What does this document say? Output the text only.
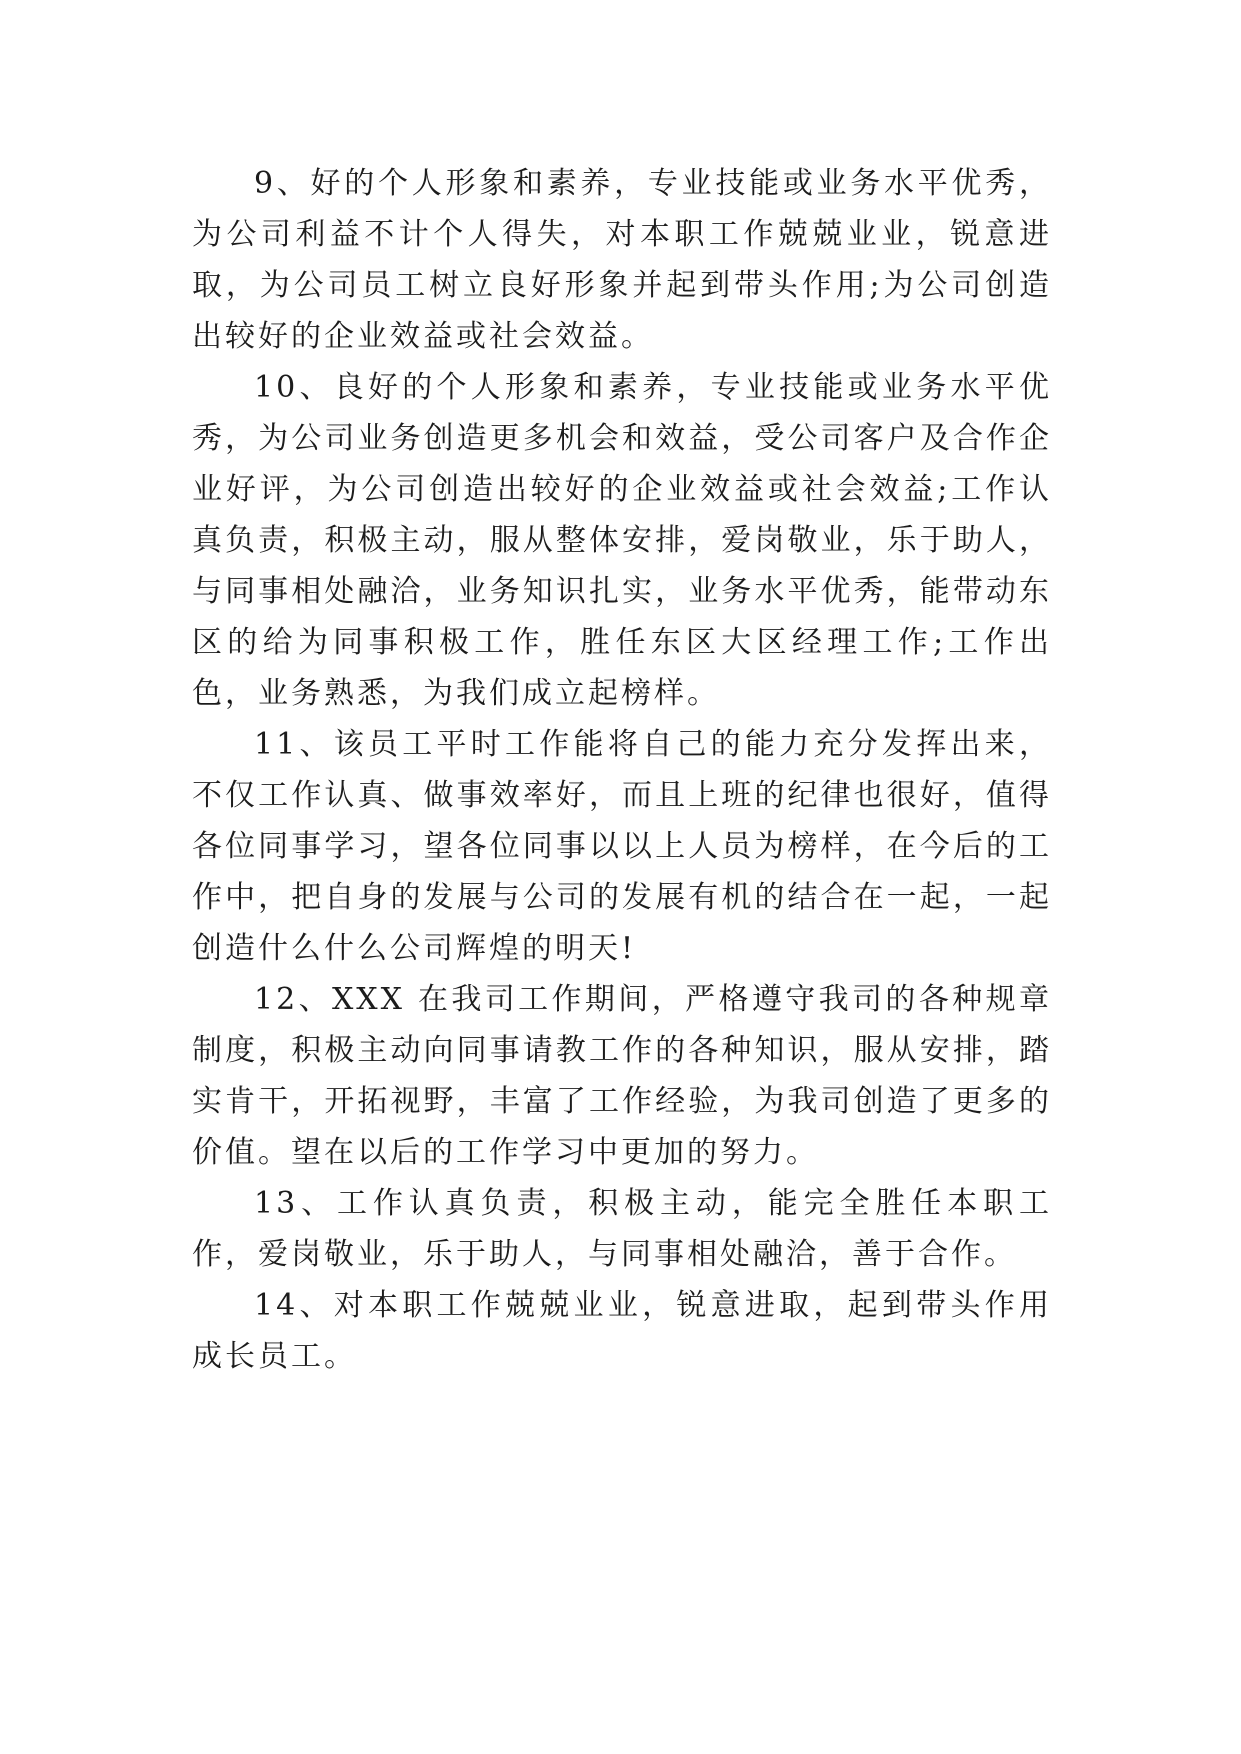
9、好的个人形象和素养，专业技能或业务水平优秀，为公司利益不计个人得失，对本职工作兢兢业业，锐意进取，为公司员工树立良好形象并起到带头作用;为公司创造出较好的企业效益或社会效益。

10、良好的个人形象和素养，专业技能或业务水平优秀，为公司业务创造更多机会和效益，受公司客户及合作企业好评，为公司创造出较好的企业效益或社会效益;工作认真负责，积极主动，服从整体安排，爱岗敬业，乐于助人，与同事相处融洽，业务知识扎实，业务水平优秀，能带动东区的给为同事积极工作，胜任东区大区经理工作;工作出色，业务熟悉，为我们成立起榜样。

11、该员工平时工作能将自己的能力充分发挥出来，不仅工作认真、做事效率好，而且上班的纪律也很好，值得各位同事学习，望各位同事以以上人员为榜样，在今后的工作中，把自身的发展与公司的发展有机的结合在一起，一起创造什么什么公司辉煌的明天!

12、XXX 在我司工作期间，严格遵守我司的各种规章制度，积极主动向同事请教工作的各种知识，服从安排，踏实肯干，开拓视野，丰富了工作经验，为我司创造了更多的价值。望在以后的工作学习中更加的努力。

13、工作认真负责，积极主动，能完全胜任本职工作，爱岗敬业，乐于助人，与同事相处融洽，善于合作。

14、对本职工作兢兢业业，锐意进取，起到带头作用成长员工。
